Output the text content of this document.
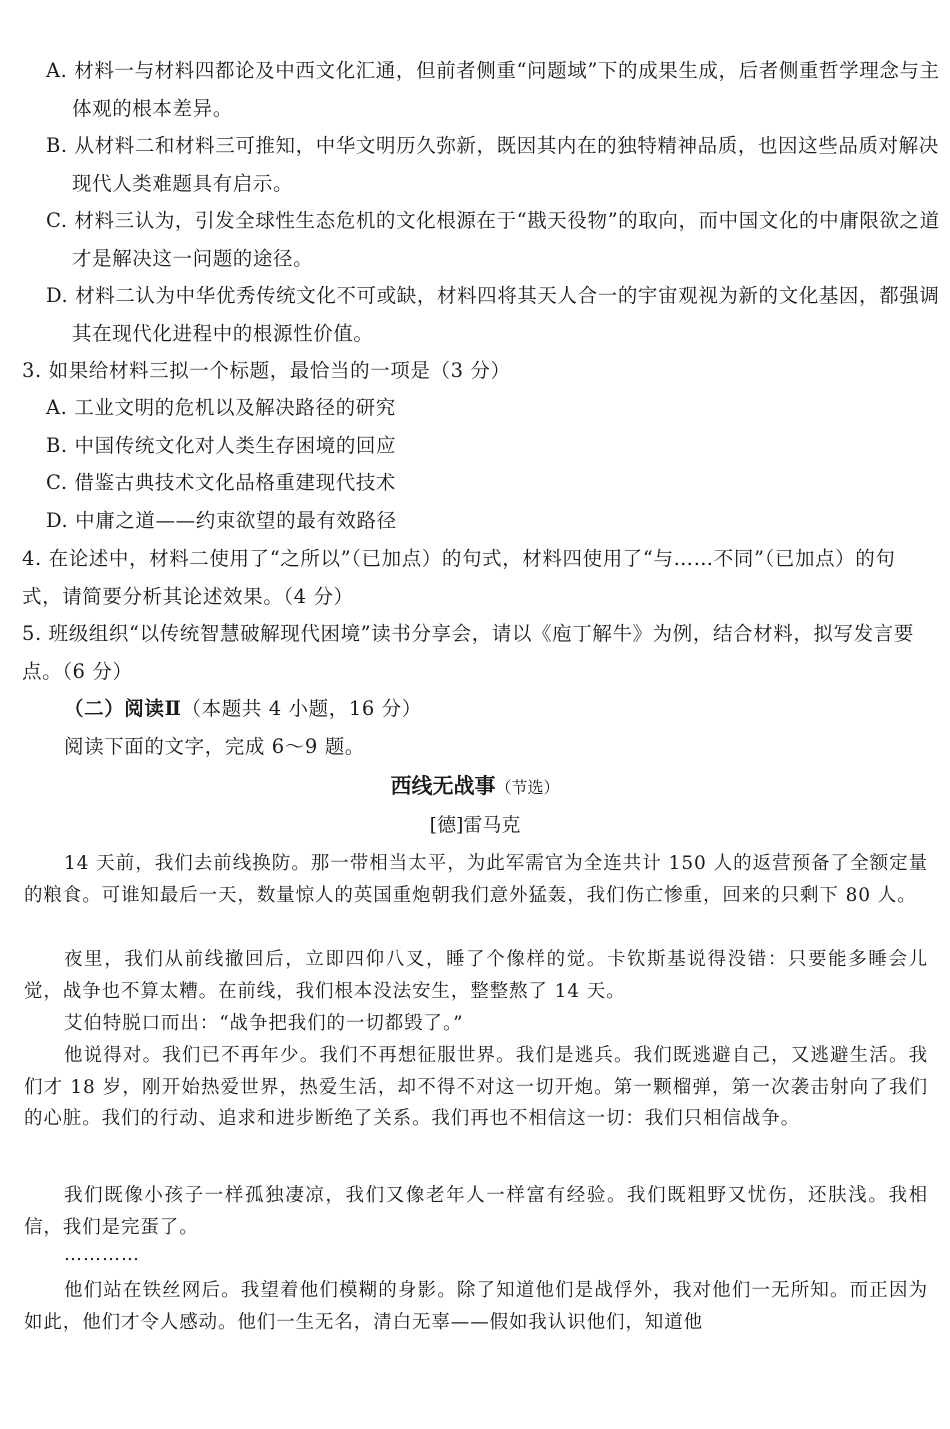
A. 材料一与材料四都论及中西文化汇通，但前者侧重“问题域”下的成果生成，后者侧重哲学理念与主体观的根本差异。
B. 从材料二和材料三可推知，中华文明历久弥新，既因其内在的独特精神品质，也因这些品质对解决现代人类难题具有启示。
C. 材料三认为，引发全球性生态危机的文化根源在于“戡天役物”的取向，而中国文化的中庸限欲之道才是解决这一问题的途径。
D. 材料二认为中华优秀传统文化不可或缺，材料四将其天人合一的宇宙观视为新的文化基因，都强调其在现代化进程中的根源性价值。
3. 如果给材料三拟一个标题，最恰当的一项是（3 分）
A. 工业文明的危机以及解决路径的研究
B. 中国传统文化对人类生存困境的回应
C. 借鉴古典技术文化品格重建现代技术
D. 中庸之道——约束欲望的最有效路径
4. 在论述中，材料二使用了“之所以”（已加点）的句式，材料四使用了“与……不同”（已加点）的句式，请简要分析其论述效果。（4 分）
5. 班级组织“以传统智慧破解现代困境”读书分享会，请以《庖丁解牛》为例，结合材料，拟写发言要点。（6 分）
（二）阅读Ⅱ（本题共 4 小题，16 分）
阅读下面的文字，完成 6～9 题。
西线无战事（节选）
[德]雷马克
14 天前，我们去前线换防。那一带相当太平，为此军需官为全连共计 150 人的返营预备了全额定量的粮食。可谁知最后一天，数量惊人的英国重炮朝我们意外猛轰，我们伤亡惨重，回来的只剩下 80 人。
夜里，我们从前线撤回后，立即四仰八叉，睡了个像样的觉。卡钦斯基说得没错：只要能多睡会儿觉，战争也不算太糟。在前线，我们根本没法安生，整整熬了 14 天。
艾伯特脱口而出：“战争把我们的一切都毁了。”
他说得对。我们已不再年少。我们不再想征服世界。我们是逃兵。我们既逃避自己，又逃避生活。我们才 18 岁，刚开始热爱世界，热爱生活，却不得不对这一切开炮。第一颗榴弹，第一次袭击射向了我们的心脏。我们的行动、追求和进步断绝了关系。我们再也不相信这一切：我们只相信战争。
我们既像小孩子一样孤独凄凉，我们又像老年人一样富有经验。我们既粗野又忧伤，还肤浅。我相信，我们是完蛋了。
…………
他们站在铁丝网后。我望着他们模糊的身影。除了知道他们是战俘外，我对他们一无所知。而正因为如此，他们才令人感动。他们一生无名，清白无辜——假如我认识他们，知道他
